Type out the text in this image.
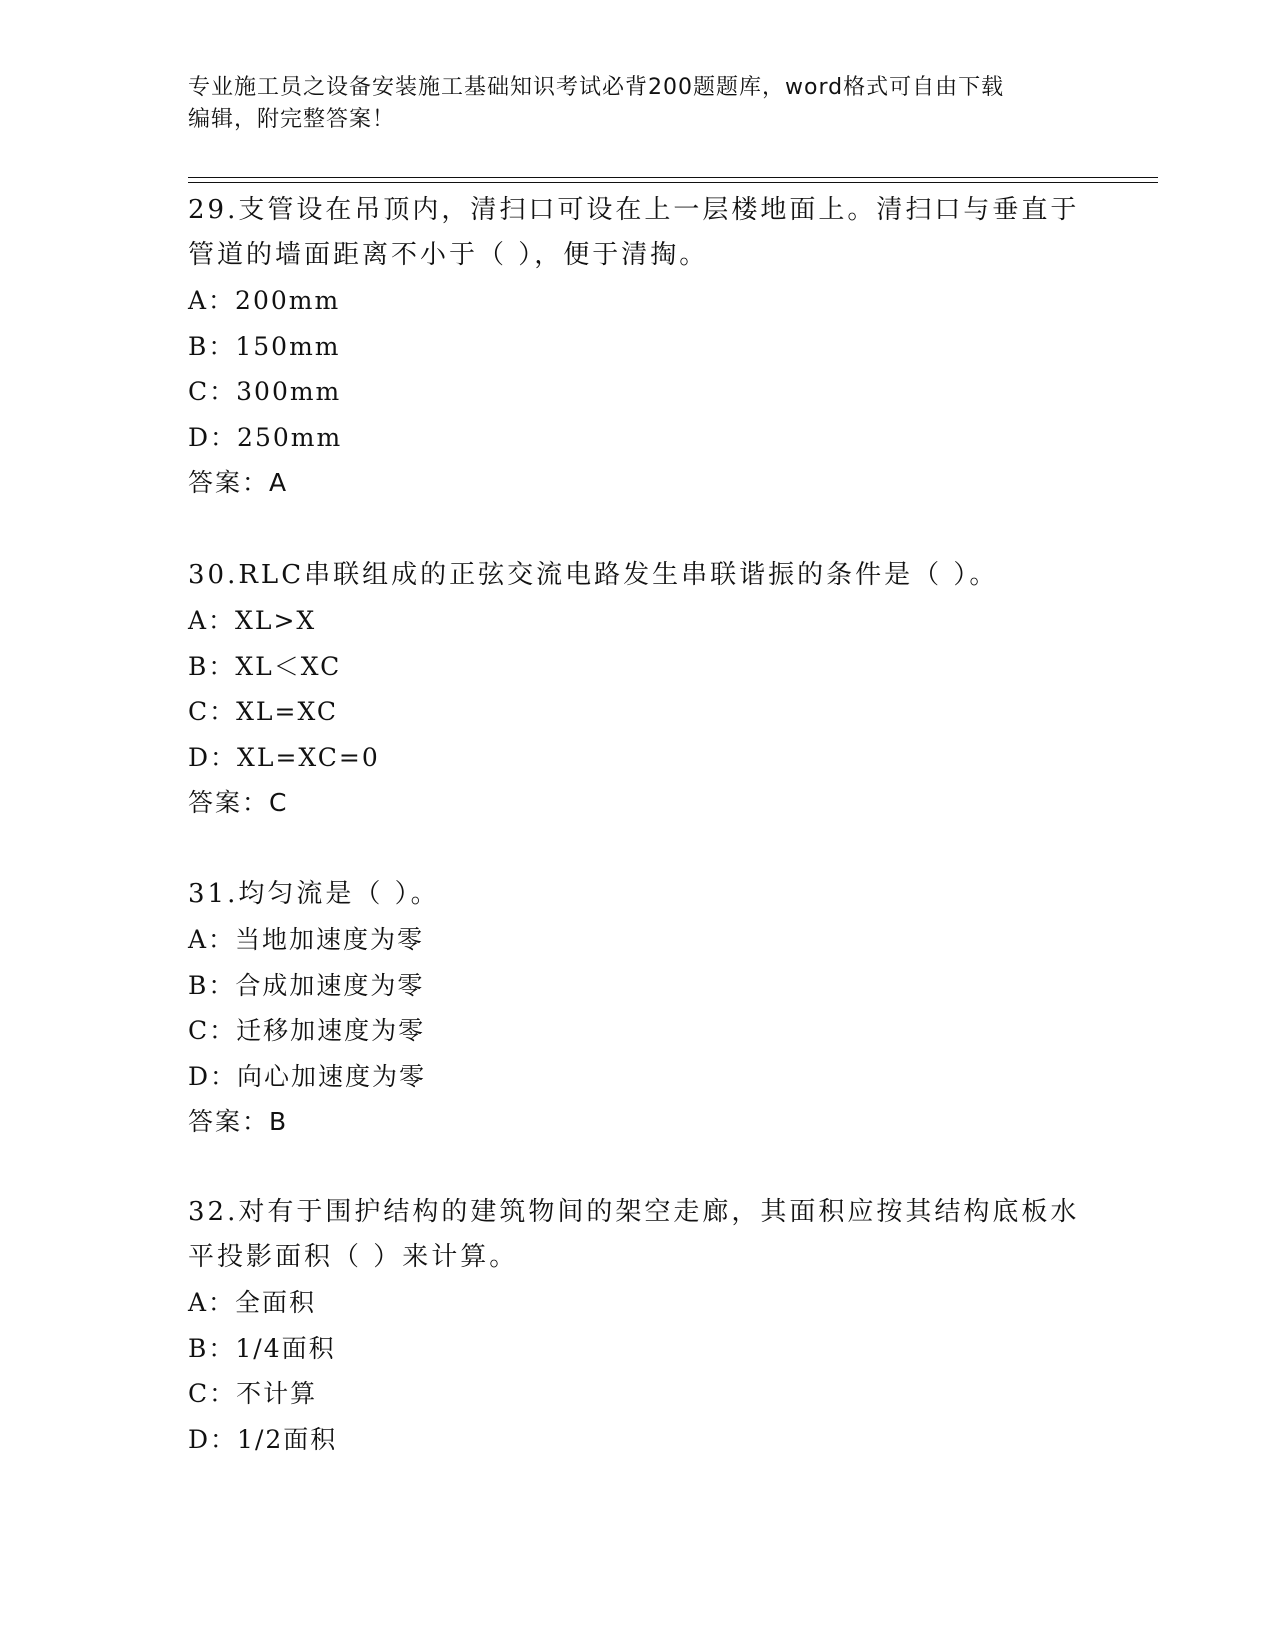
专业施工员之设备安装施工基础知识考试必背200题题库，word格式可自由下载
编辑，附完整答案！

29.支管设在吊顶内，清扫口可设在上一层楼地面上。清扫口与垂直于

管道的墙面距离不小于（ ），便于清掏。

A：200mm

B：150mm

C：300mm

D：250mm

答案：A

30.RLC串联组成的正弦交流电路发生串联谐振的条件是（ ）。

A：XL>X

B：XL＜XC

C：XL=XC

D：XL=XC=0

答案：C

31.均匀流是（ ）。

A：当地加速度为零

B：合成加速度为零

C：迁移加速度为零

D：向心加速度为零

答案：B

32.对有于围护结构的建筑物间的架空走廊，其面积应按其结构底板水

平投影面积（ ）来计算。

A：全面积

B：1/4面积

C：不计算

D：1/2面积
